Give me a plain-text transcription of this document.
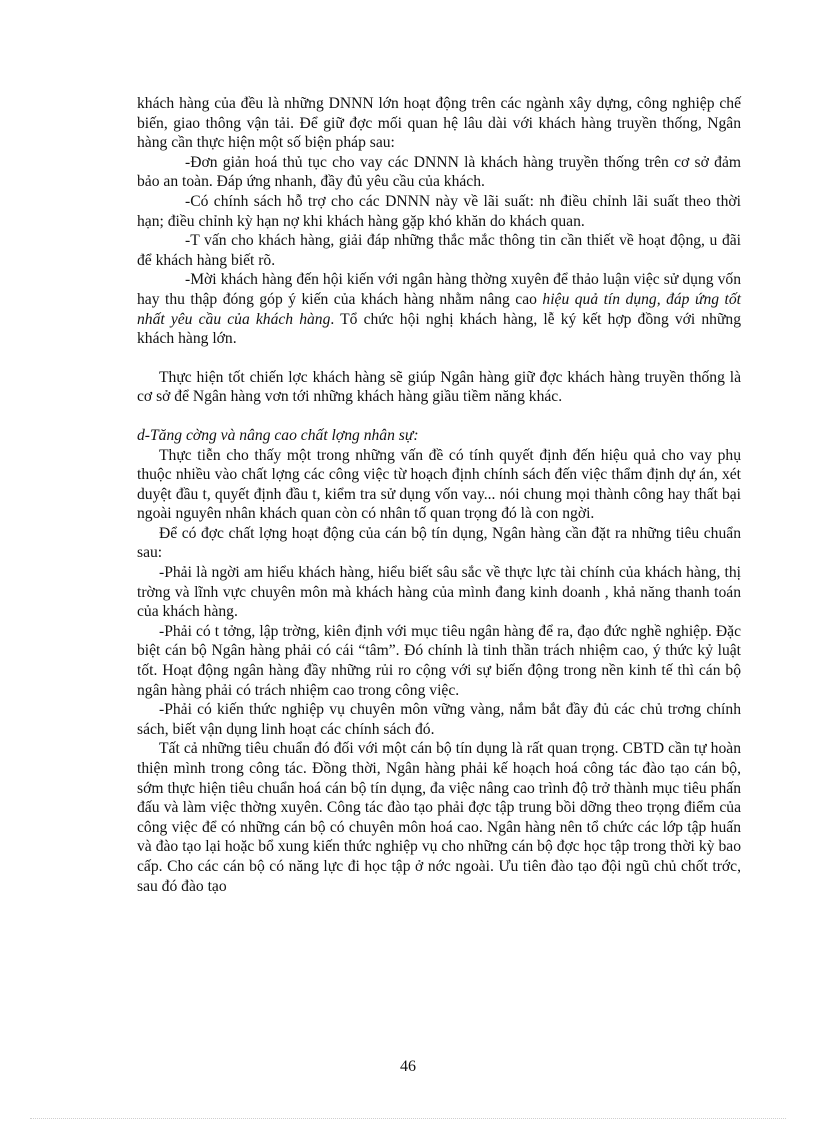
khách hàng của đều là những DNNN lớn hoạt động trên các ngành xây dựng, công nghiệp chế biến, giao thông vận tải. Để giữ đợc mối quan hệ lâu dài với khách hàng truyền thống, Ngân hàng cần thực hiện một số biện pháp sau:

-Đơn giản hoá thủ tục cho vay các DNNN là khách hàng truyền thống trên cơ sở đảm bảo an toàn. Đáp ứng nhanh, đầy đủ yêu cầu của khách.

-Có chính sách hỗ trợ cho các DNNN này về lãi suất: nh điều chỉnh lãi suất theo thời hạn; điều chỉnh kỳ hạn nợ khi khách hàng gặp khó khăn do khách quan.

-T vấn cho khách hàng, giải đáp những thắc mắc thông tin cần thiết về hoạt động, u đãi để khách hàng biết rõ.

-Mời khách hàng đến hội kiến với ngân hàng thờng xuyên để thảo luận việc sử dụng vốn hay thu thập đóng góp ý kiến của khách hàng nhằm nâng cao hiệu quả tín dụng, đáp ứng tốt nhất yêu cầu của khách hàng. Tổ chức hội nghị khách hàng, lễ ký kết hợp đồng với những khách hàng lớn.

Thực hiện tốt chiến lợc khách hàng sẽ giúp Ngân hàng giữ đợc khách hàng truyền thống là cơ sở để Ngân hàng vơn tới những khách hàng giầu tiềm năng khác.

d-Tăng cờng và nâng cao chất lợng nhân sự:

Thực tiễn cho thấy một trong những vấn đề có tính quyết định đến hiệu quả cho vay phụ thuộc nhiều vào chất lợng các công việc từ hoạch định chính sách đến việc thẩm định dự án, xét duyệt đầu t, quyết định đầu t, kiểm tra sử dụng vốn vay... nói chung mọi thành công hay thất bại ngoài nguyên nhân khách quan còn có nhân tố quan trọng đó là con ngời.

Để có đợc chất lợng hoạt động của cán bộ tín dụng, Ngân hàng cần đặt ra những tiêu chuẩn sau:

-Phải là ngời am hiểu khách hàng, hiểu biết sâu sắc về thực lực tài chính của khách hàng, thị trờng và lĩnh vực chuyên môn mà khách hàng của mình đang kinh doanh , khả năng thanh toán của khách hàng.

-Phải có t tởng, lập trờng, kiên định với mục tiêu ngân hàng để ra, đạo đức nghề nghiệp. Đặc biệt cán bộ Ngân hàng phải có cái “tâm”. Đó chính là tinh thần trách nhiệm cao, ý thức kỷ luật tốt. Hoạt động ngân hàng đầy những rủi ro cộng với sự biến động trong nền kinh tế thì cán bộ ngân hàng phải có trách nhiệm cao trong công việc.

-Phải có kiến thức nghiệp vụ chuyên môn vững vàng, nắm bắt đầy đủ các chủ trơng chính sách, biết vận dụng linh hoạt các chính sách đó.

Tất cả những tiêu chuẩn đó đối với một cán bộ tín dụng là rất quan trọng. CBTD cần tự hoàn thiện mình trong công tác. Đồng thời, Ngân hàng phải kế hoạch hoá công tác đào tạo cán bộ, sớm thực hiện tiêu chuẩn hoá cán bộ tín dụng, đa việc nâng cao trình độ trở thành mục tiêu phấn đấu và làm việc thờng xuyên. Công tác đào tạo phải đợc tập trung bồi dỡng theo trọng điểm của công việc để có những cán bộ có chuyên môn hoá cao. Ngân hàng nên tổ chức các lớp tập huấn và đào tạo lại hoặc bổ xung kiến thức nghiệp vụ cho những cán bộ đợc học tập trong thời kỳ bao cấp. Cho các cán bộ có năng lực đi học tập ở nớc ngoài. Ưu tiên đào tạo đội ngũ chủ chốt trớc, sau đó đào tạo

46
